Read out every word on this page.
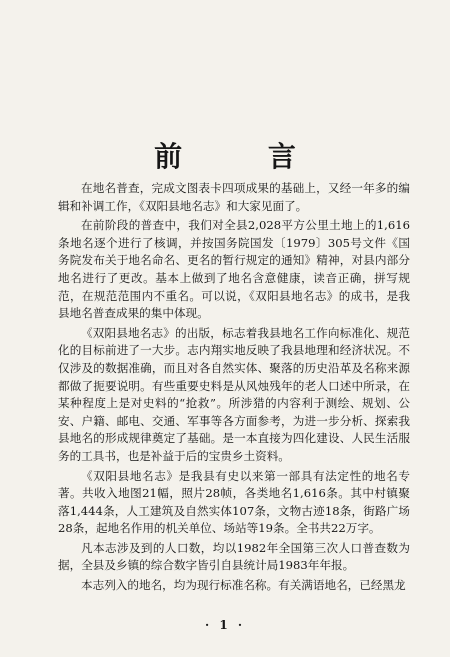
前 言

在地名普查，完成文图表卡四项成果的基础上，又经一年多的编辑和补调工作，《双阳县地名志》和大家见面了。

在前阶段的普查中，我们对全县2,028平方公里土地上的1,616条地名逐个进行了核调，并按国务院国发〔1979〕305号文件《国务院发布关于地名命名、更名的暂行规定的通知》精神，对县内部分地名进行了更改。基本上做到了地名含意健康，读音正确，拼写规范，在规范范围内不重名。可以说，《双阳县地名志》的成书，是我县地名普查成果的集中体现。

《双阳县地名志》的出版，标志着我县地名工作向标准化、规范化的目标前进了一大步。志内翔实地反映了我县地理和经济状况。不仅涉及的数据准确，而且对各自然实体、聚落的历史沿革及名称来源都做了扼要说明。有些重要史料是从风烛残年的老人口述中所录，在某种程度上是对史料的“抢救”。所涉猎的内容利于测绘、规划、公安、户籍、邮电、交通、军事等各方面参考，为进一步分析、探索我县地名的形成规律奠定了基础。是一本直接为四化建设、人民生活服务的工具书，也是补益于后的宝贵乡土资料。

《双阳县地名志》是我县有史以来第一部具有法定性的地名专著。共收入地图21幅，照片28帧，各类地名1,616条。其中村镇聚落1,444条，人工建筑及自然实体107条，文物古迹18条，街路广场28条，起地名作用的机关单位、场站等19条。全书共22万字。

凡本志涉及到的人口数，均以1982年全国第三次人口普查数为据，全县及乡镇的综合数字皆引自县统计局1983年年报。

本志列入的地名，均为现行标准名称。有关满语地名，已经黑龙

· 1 ·
